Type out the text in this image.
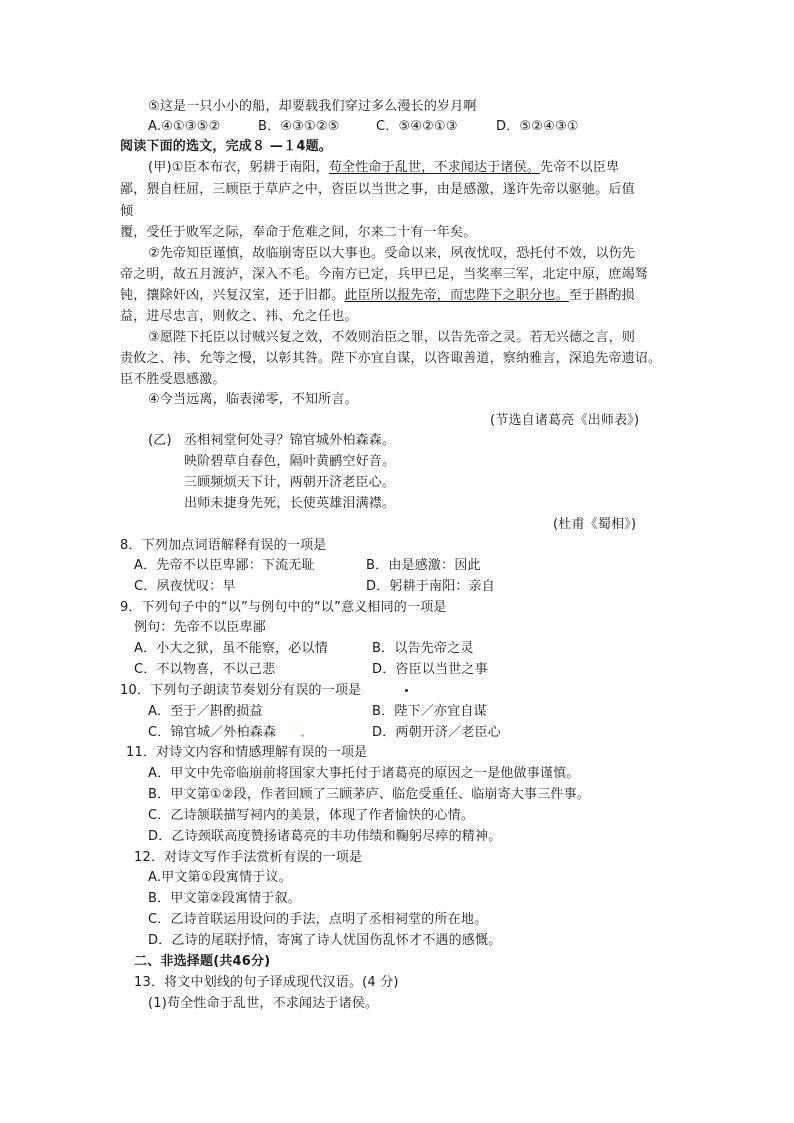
⑤这是一只小小的船，却要载我们穿过多么漫长的岁月啊
A.④①③⑤②	B．④③①②⑤	C．⑤④②①③	D．⑤②④③①
阅读下面的选文，完成８ —１4题。
(甲)①臣本布衣，躬耕于南阳，苟全性命于乱世，不求闻达于诸侯。先帝不以臣卑
鄙，猥自枉屈，三顾臣于草庐之中，咨臣以当世之事，由是感激，遂许先帝以驱驰。后值
倾
覆，受任于败军之际，奉命于危难之间，尔来二十有一年矣。
②先帝知臣谨慎，故临崩寄臣以大事也。受命以来，夙夜忧叹，恐托付不效，以伤先
帝之明，故五月渡泸，深入不毛。今南方已定，兵甲已足，当奖率三军，北定中原，庶竭驽
钝，攘除奸凶，兴复汉室，还于旧都。此臣所以报先帝，而忠陛下之职分也。至于斟酌损
益，进尽忠言，则攸之、祎、允之任也。
③愿陛下托臣以讨贼兴复之效，不效则治臣之罪，以告先帝之灵。若无兴德之言，则
责攸之、祎、允等之慢，以彰其咎。陛下亦宜自谋，以咨诹善道，察纳雅言，深追先帝遗诏。
臣不胜受恩感激。
④今当远离，临表涕零，不知所言。
(节选自诸葛亮《出师表》)
(乙) 丞相祠堂何处寻？锦官城外柏森森。
映阶碧草自春色，隔叶黄鹂空好音。
三顾频烦天下计，两朝开济老臣心。
出师未捷身先死，长使英雄泪满襟。
(杜甫《蜀相》)
8．下列加点词语解释有误的一项是
A．先帝不以臣卑鄙：下流无耻	B．由是感激：因此
C．夙夜忧叹：早	D．躬耕于南阳：亲自
9．下列句子中的“以”与例句中的“以”意义相同的一项是
例句：先帝不以臣卑鄙
A．小大之狱，虽不能察，必以情	B．以告先帝之灵
C．不以物喜，不以己悲	D．咨臣以当世之事
10．下列句子朗读节奏划分有误的一项是
A．至于／斟酌损益	B．陛下／亦宜自谋
C．锦官城／外柏森森	D．两朝开济／老臣心
11．对诗文内容和情感理解有误的一项是
A．甲文中先帝临崩前将国家大事托付于诸葛亮的原因之一是他做事谨慎。
B．甲文第①②段，作者回顾了三顾茅庐、临危受重任、临崩寄大事三件事。
C．乙诗颔联描写祠内的美景，体现了作者愉快的心情。
D．乙诗颈联高度赞扬诸葛亮的丰功伟绩和鞠躬尽瘁的精神。
12．对诗文写作手法赏析有误的一项是
A.甲文第①段寓情于议。
B．甲文第②段寓情于叙。
C．乙诗首联运用设问的手法，点明了丞相祠堂的所在地。
D．乙诗的尾联抒情，寄寓了诗人忧国伤乱怀才不遇的感慨。
二、非选择题(共46分)
13．将文中划线的句子译成现代汉语。(4 分)
(1)苟全性命于乱世，不求闻达于诸侯。
